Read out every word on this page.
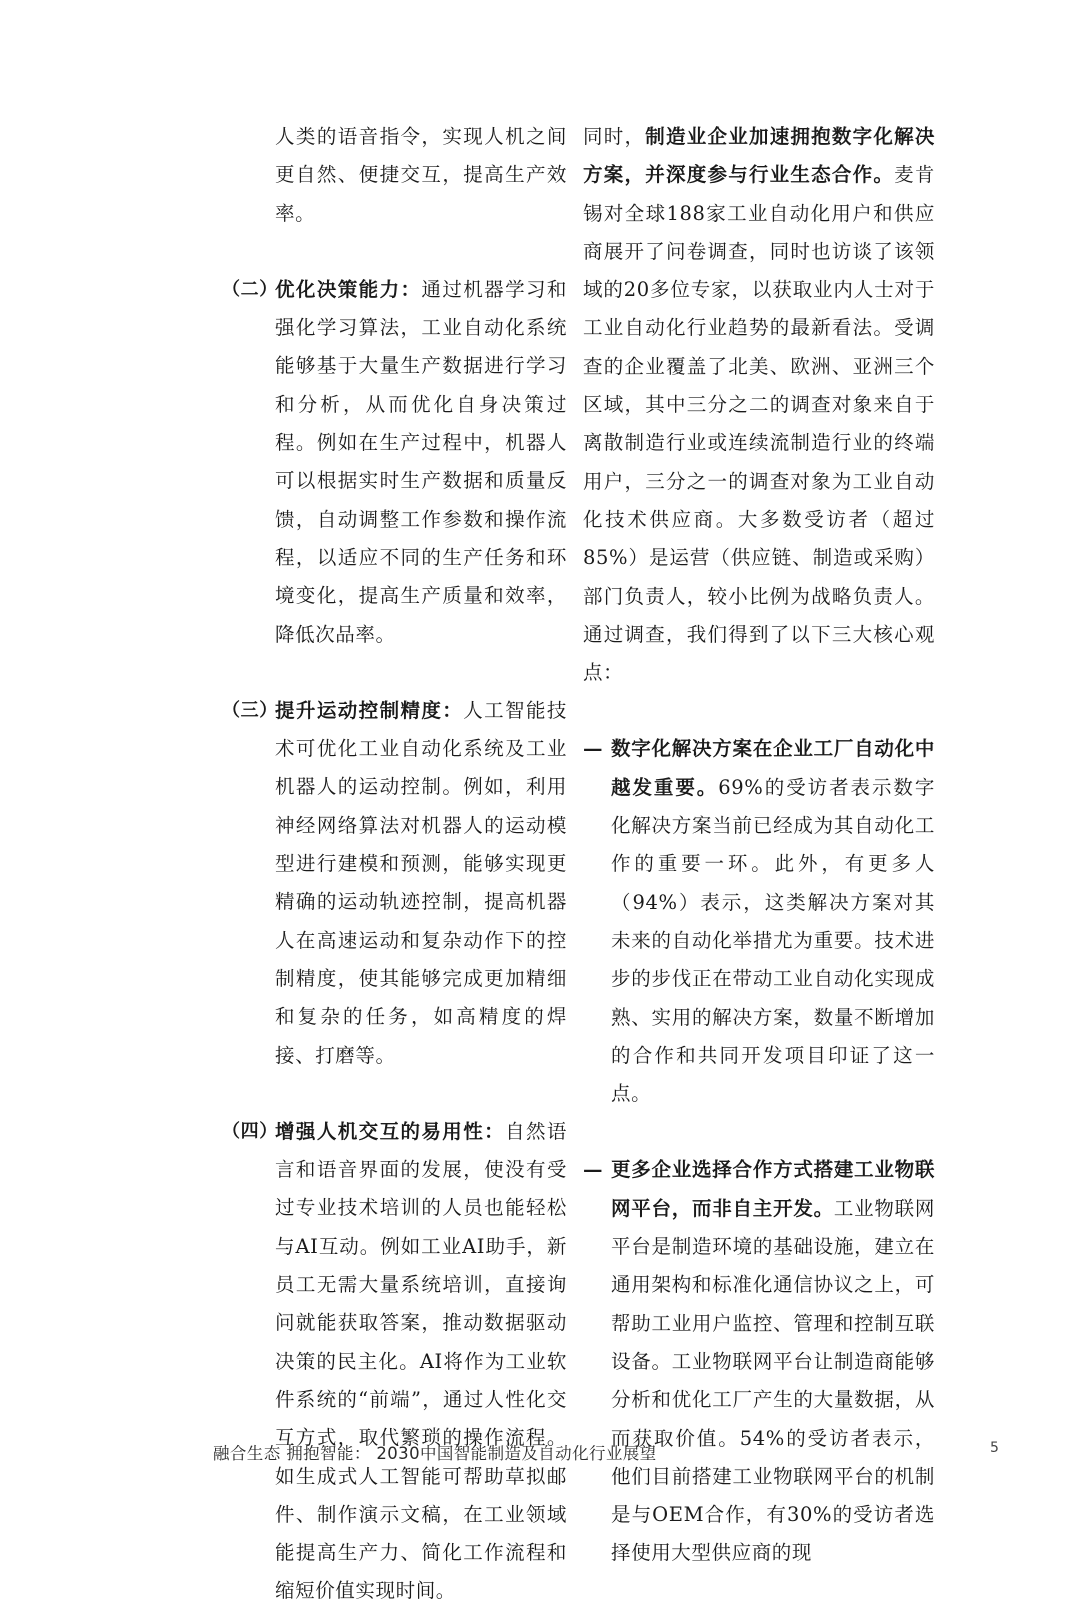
人类的语音指令，实现人机之间更自然、便捷交互，提高生产效率。

（二）
优化决策能力：通过机器学习和强化学习算法，工业自动化系统能够基于大量生产数据进行学习和分析，从而优化自身决策过程。例如在生产过程中，机器人可以根据实时生产数据和质量反馈，自动调整工作参数和操作流程，以适应不同的生产任务和环境变化，提高生产质量和效率，降低次品率。
（三）
提升运动控制精度：人工智能技术可优化工业自动化系统及工业机器人的运动控制。例如，利用神经网络算法对机器人的运动模型进行建模和预测，能够实现更精确的运动轨迹控制，提高机器人在高速运动和复杂动作下的控制精度，使其能够完成更加精细和复杂的任务，如高精度的焊接、打磨等。
（四）
增强人机交互的易用性：自然语言和语音界面的发展，使没有受过专业技术培训的人员也能轻松与AI互动。例如工业AI助手，新员工无需大量系统培训，直接询问就能获取答案，推动数据驱动决策的民主化。AI将作为工业软件系统的“前端”，通过人性化交互方式，取代繁琐的操作流程。如生成式人工智能可帮助草拟邮件、制作演示文稿，在工业领域能提高生产力、简化工作流程和缩短价值实现时间。

同时，制造业企业加速拥抱数字化解决方案，并深度参与行业生态合作。麦肯锡对全球188家工业自动化用户和供应商展开了问卷调查，同时也访谈了该领域的20多位专家，以获取业内人士对于工业自动化行业趋势的最新看法。受调查的企业覆盖了北美、欧洲、亚洲三个区域，其中三分之二的调查对象来自于离散制造行业或连续流制造行业的终端用户，三分之一的调查对象为工业自动化技术供应商。大多数受访者（超过85%）是运营（供应链、制造或采购）部门负责人，较小比例为战略负责人。通过调查，我们得到了以下三大核心观点：

— 数字化解决方案在企业工厂自动化中越发重要。69%的受访者表示数字化解决方案当前已经成为其自动化工作的重要一环。此外，有更多人（94%）表示，这类解决方案对其未来的自动化举措尤为重要。技术进步的步伐正在带动工业自动化实现成熟、实用的解决方案，数量不断增加的合作和共同开发项目印证了这一点。
— 更多企业选择合作方式搭建工业物联网平台，而非自主开发。工业物联网平台是制造环境的基础设施，建立在通用架构和标准化通信协议之上，可帮助工业用户监控、管理和控制互联设备。工业物联网平台让制造商能够分析和优化工厂产生的大量数据，从而获取价值。54%的受访者表示，他们目前搭建工业物联网平台的机制是与OEM合作，有30%的受访者选择使用大型供应商的现
融合生态 拥抱智能： 2030中国智能制造及自动化行业展望	5
